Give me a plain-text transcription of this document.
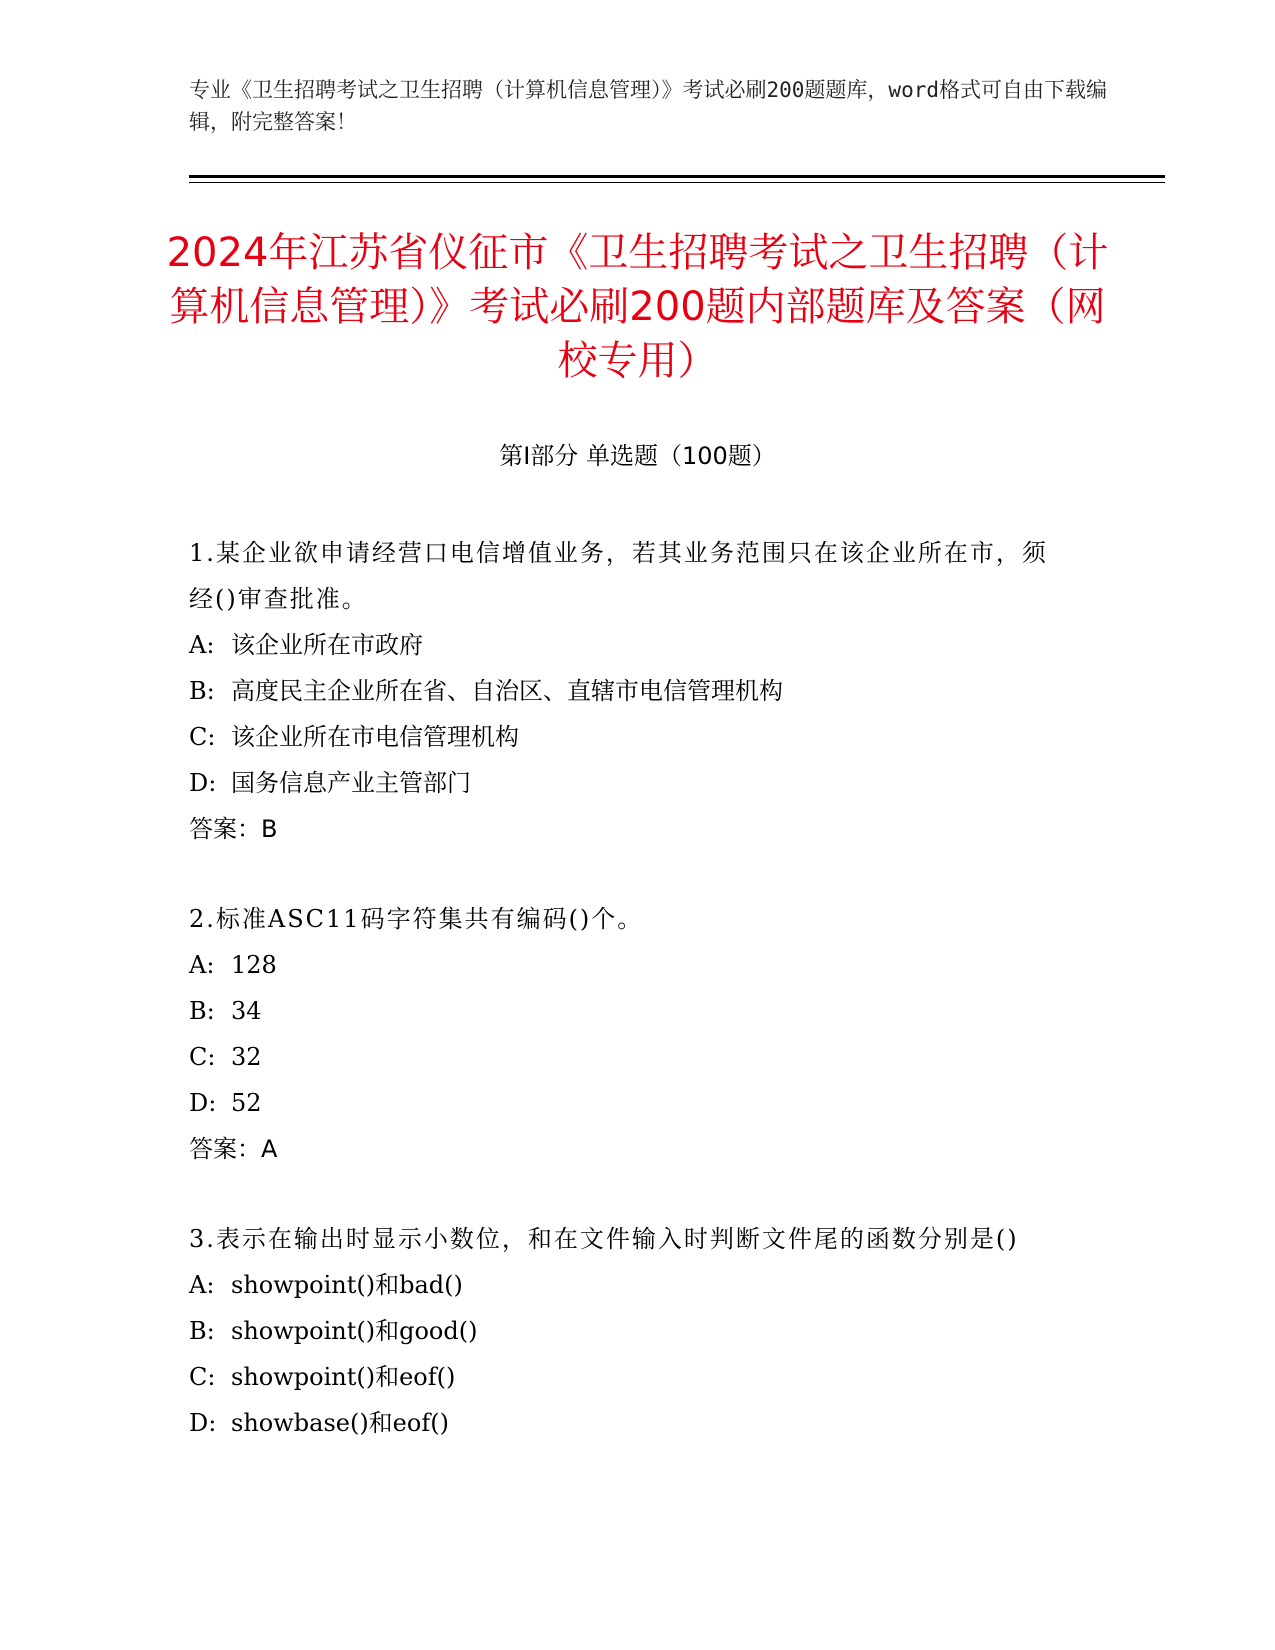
专业《卫生招聘考试之卫生招聘（计算机信息管理）》考试必刷200题题库，word格式可自由下载编辑，附完整答案！
2024年江苏省仪征市《卫生招聘考试之卫生招聘（计算机信息管理）》考试必刷200题内部题库及答案（网校专用）
第Ⅰ部分 单选题（100题）
1.某企业欲申请经营口电信增值业务，若其业务范围只在该企业所在市，须经()审查批准。
A: 该企业所在市政府
B: 高度民主企业所在省、自治区、直辖市电信管理机构
C: 该企业所在市电信管理机构
D: 国务信息产业主管部门
答案：B
2.标准ASC11码字符集共有编码()个。
A: 128
B: 34
C: 32
D: 52
答案：A
3.表示在输出时显示小数位，和在文件输入时判断文件尾的函数分别是()
A: showpoint()和bad()
B: showpoint()和good()
C: showpoint()和eof()
D: showbase()和eof()
